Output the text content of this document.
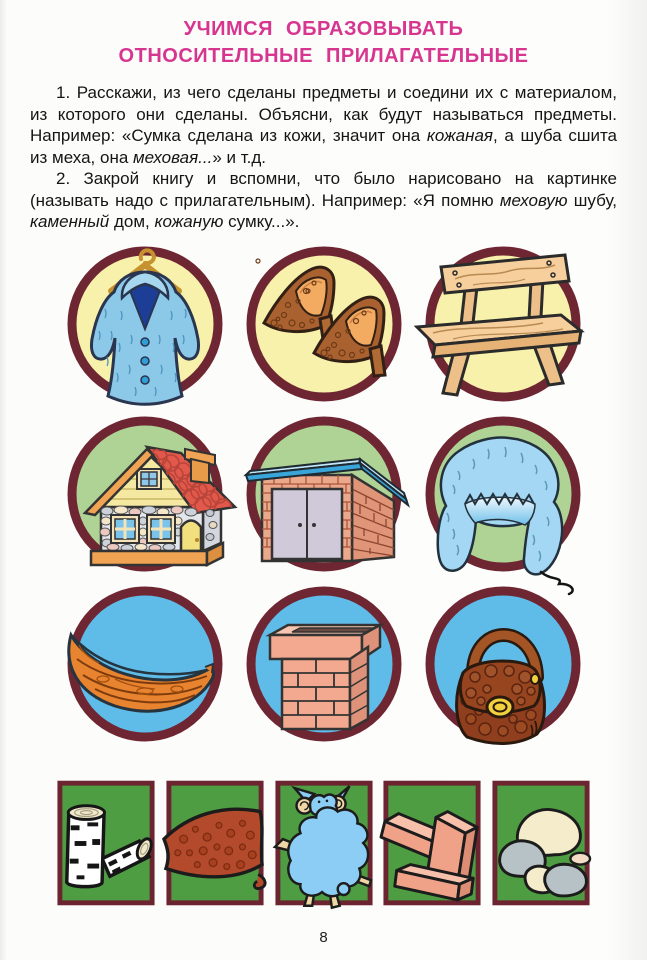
УЧИМСЯ ОБРАЗОВЫВАТЬ
ОТНОСИТЕЛЬНЫЕ ПРИЛАГАТЕЛЬНЫЕ

1. Расскажи, из чего сделаны предметы и соедини их с материалом, из которого они сделаны. Объясни, как будут называться предметы. Например: «Сумка сделана из кожи, значит она кожаная, а шуба сшита из меха, она меховая...» и т.д.

2. Закрой книгу и вспомни, что было нарисовано на картинке (называть надо с прилагательным). Например: «Я помню меховую шубу, каменный дом, кожаную сумку...».

8
